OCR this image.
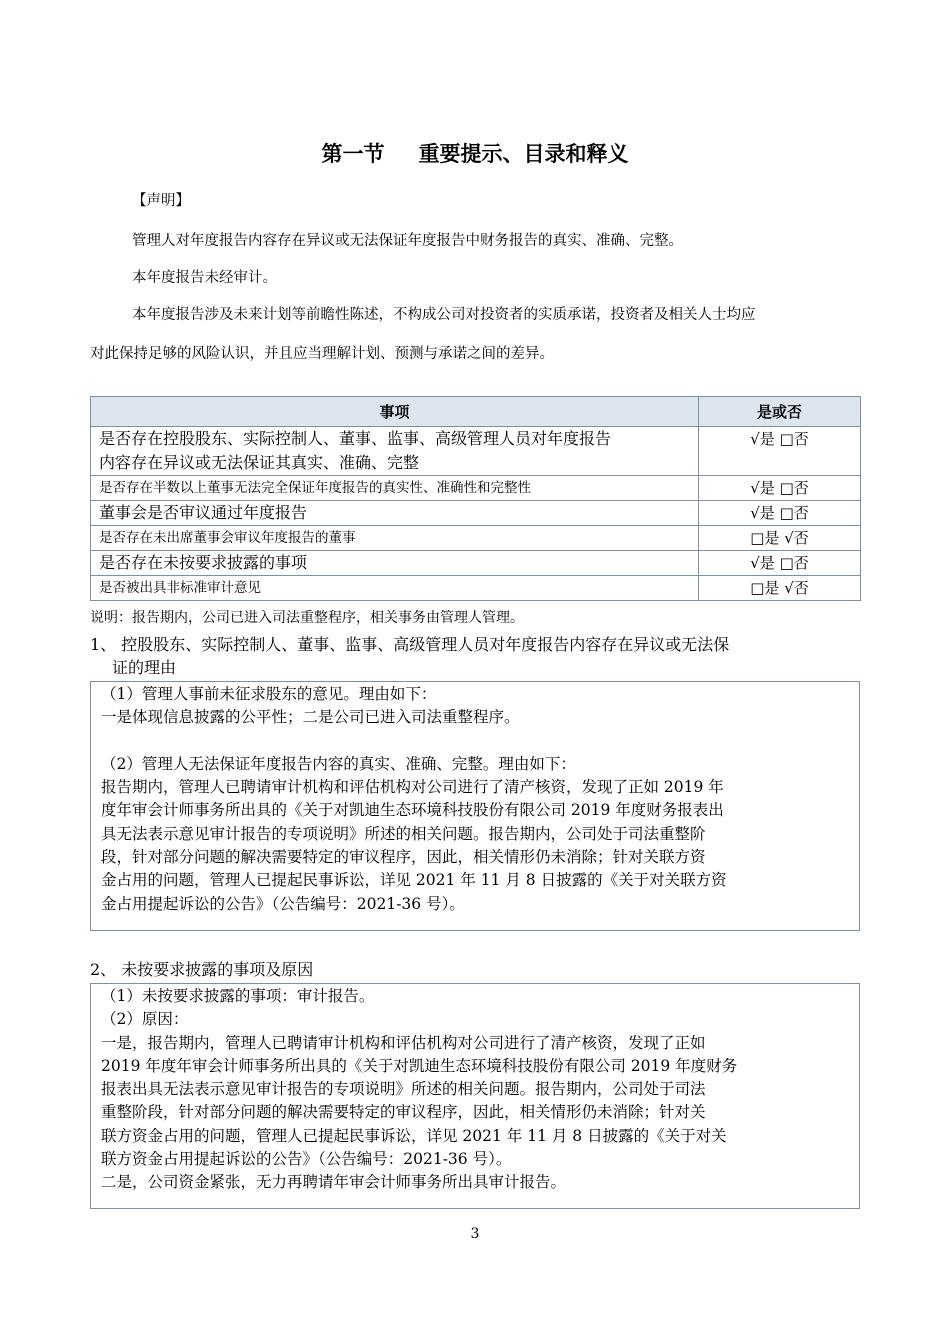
第一节 重要提示、目录和释义
【声明】
管理人对年度报告内容存在异议或无法保证年度报告中财务报告的真实、准确、完整。
本年度报告未经审计。
本年度报告涉及未来计划等前瞻性陈述，不构成公司对投资者的实质承诺，投资者及相关人士均应
对此保持足够的风险认识，并且应当理解计划、预测与承诺之间的差异。
事项	是或否

是否存在控股股东、实际控制人、董事、监事、高级管理人员对年度报告
内容存在异议或无法保证其真实、准确、完整	√是 □否
是否存在半数以上董事无法完全保证年度报告的真实性、准确性和完整性	√是 □否
董事会是否审议通过年度报告	√是 □否
是否存在未出席董事会审议年度报告的董事	□是 √否
是否存在未按要求披露的事项	√是 □否
是否被出具非标准审计意见	□是 √否
说明：报告期内，公司已进入司法重整程序，相关事务由管理人管理。
1、 控股股东、实际控制人、董事、监事、高级管理人员对年度报告内容存在异议或无法保
证的理由
（1）管理人事前未征求股东的意见。理由如下：
一是体现信息披露的公平性；二是公司已进入司法重整程序。

（2）管理人无法保证年度报告内容的真实、准确、完整。理由如下：
报告期内，管理人已聘请审计机构和评估机构对公司进行了清产核资，发现了正如 2019 年
度年审会计师事务所出具的《关于对凯迪生态环境科技股份有限公司 2019 年度财务报表出
具无法表示意见审计报告的专项说明》所述的相关问题。报告期内，公司处于司法重整阶
段，针对部分问题的解决需要特定的审议程序，因此，相关情形仍未消除；针对关联方资
金占用的问题，管理人已提起民事诉讼，详见 2021 年 11 月 8 日披露的《关于对关联方资
金占用提起诉讼的公告》（公告编号：2021-36 号）。
2、 未按要求披露的事项及原因
（1）未按要求披露的事项：审计报告。
（2）原因：
一是，报告期内，管理人已聘请审计机构和评估机构对公司进行了清产核资，发现了正如
2019 年度年审会计师事务所出具的《关于对凯迪生态环境科技股份有限公司 2019 年度财务
报表出具无法表示意见审计报告的专项说明》所述的相关问题。报告期内，公司处于司法
重整阶段，针对部分问题的解决需要特定的审议程序，因此，相关情形仍未消除；针对关
联方资金占用的问题，管理人已提起民事诉讼，详见 2021 年 11 月 8 日披露的《关于对关
联方资金占用提起诉讼的公告》（公告编号：2021-36 号）。
二是，公司资金紧张，无力再聘请年审会计师事务所出具审计报告。
3
